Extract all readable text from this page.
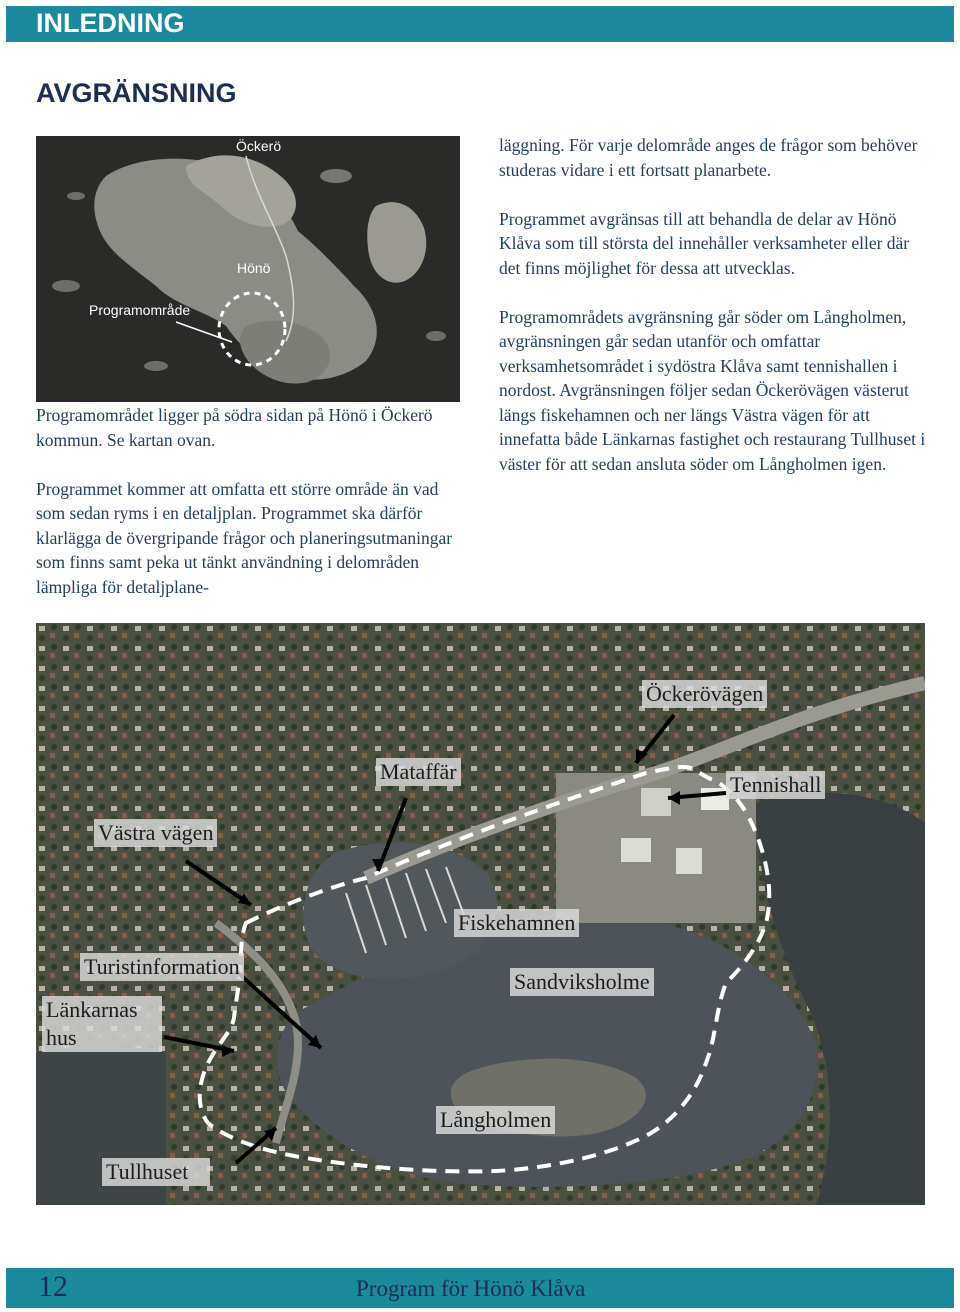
INLEDNING
AVGRÄNSNING
Öckerö
Hönö
Programområde

Programområdet ligger på södra sidan på Hönö i Öckerö kommun. Se kartan ovan.

Programmet kommer att omfatta ett större område än vad som sedan ryms i en detaljplan. Programmet ska därför klarlägga de övergripande frågor och planeringsutmaningar som finns samt peka ut tänkt användning i delområden lämpliga för detaljplane-

läggning. För varje delområde anges de frågor som behöver studeras vidare i ett fortsatt planarbete.

Programmet avgränsas till att behandla de delar av Hönö Klåva som till största del innehåller verksamheter eller där det finns möjlighet för dessa att utvecklas.

Programområdets avgränsning går söder om Långholmen, avgränsningen går sedan utanför och omfattar verksamhetsområdet i sydöstra Klåva samt tennishallen i nordost. Avgränsningen följer sedan Öckerövägen västerut längs fiskehamnen och ner längs Västra vägen för att innefatta både Länkarnas fastighet och restaurang Tullhuset i väster för att sedan ansluta söder om Långholmen igen.

Öckerövägen
Mataffär
Tennishall
Västra vägen
Fiskehamnen
Turistinformation
Sandviksholme
Länkarnas hus
Långholmen
Tullhuset
12	Program för Hönö Klåva
